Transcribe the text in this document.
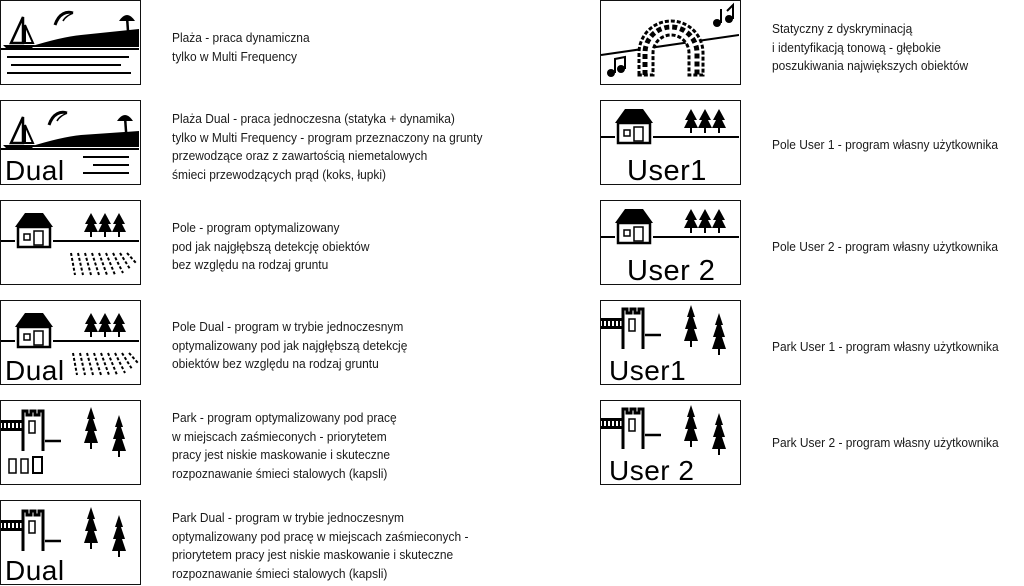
Plaża - praca dynamiczna
tylko w Multi Frequency
Dual
Plaża Dual - praca jednoczesna (statyka + dynamika)
tylko w Multi Frequency - program przeznaczony na grunty
przewodzące oraz z zawartością niemetalowych
śmieci przewodzących prąd (koks, łupki)
Pole - program optymalizowany
pod jak najgłębszą detekcję obiektów
bez względu na rodzaj gruntu
Dual
Pole Dual - program w trybie jednoczesnym
optymalizowany pod jak najgłębszą detekcję
obiektów bez względu na rodzaj gruntu
Park - program optymalizowany pod pracę
w miejscach zaśmieconych - priorytetem
pracy jest niskie maskowanie i skuteczne
rozpoznawanie śmieci stalowych (kapsli)
Dual
Park Dual - program w trybie jednoczesnym
optymalizowany pod pracę w miejscach zaśmieconych -
priorytetem pracy jest niskie maskowanie i skuteczne
rozpoznawanie śmieci stalowych (kapsli)
Statyczny z dyskryminacją
i identyfikacją tonową - głębokie
poszukiwania największych obiektów
User1
Pole User 1 - program własny użytkownika
User 2
Pole User 2 - program własny użytkownika
User1
Park User 1 - program własny użytkownika
User 2
Park User 2 - program własny użytkownika
